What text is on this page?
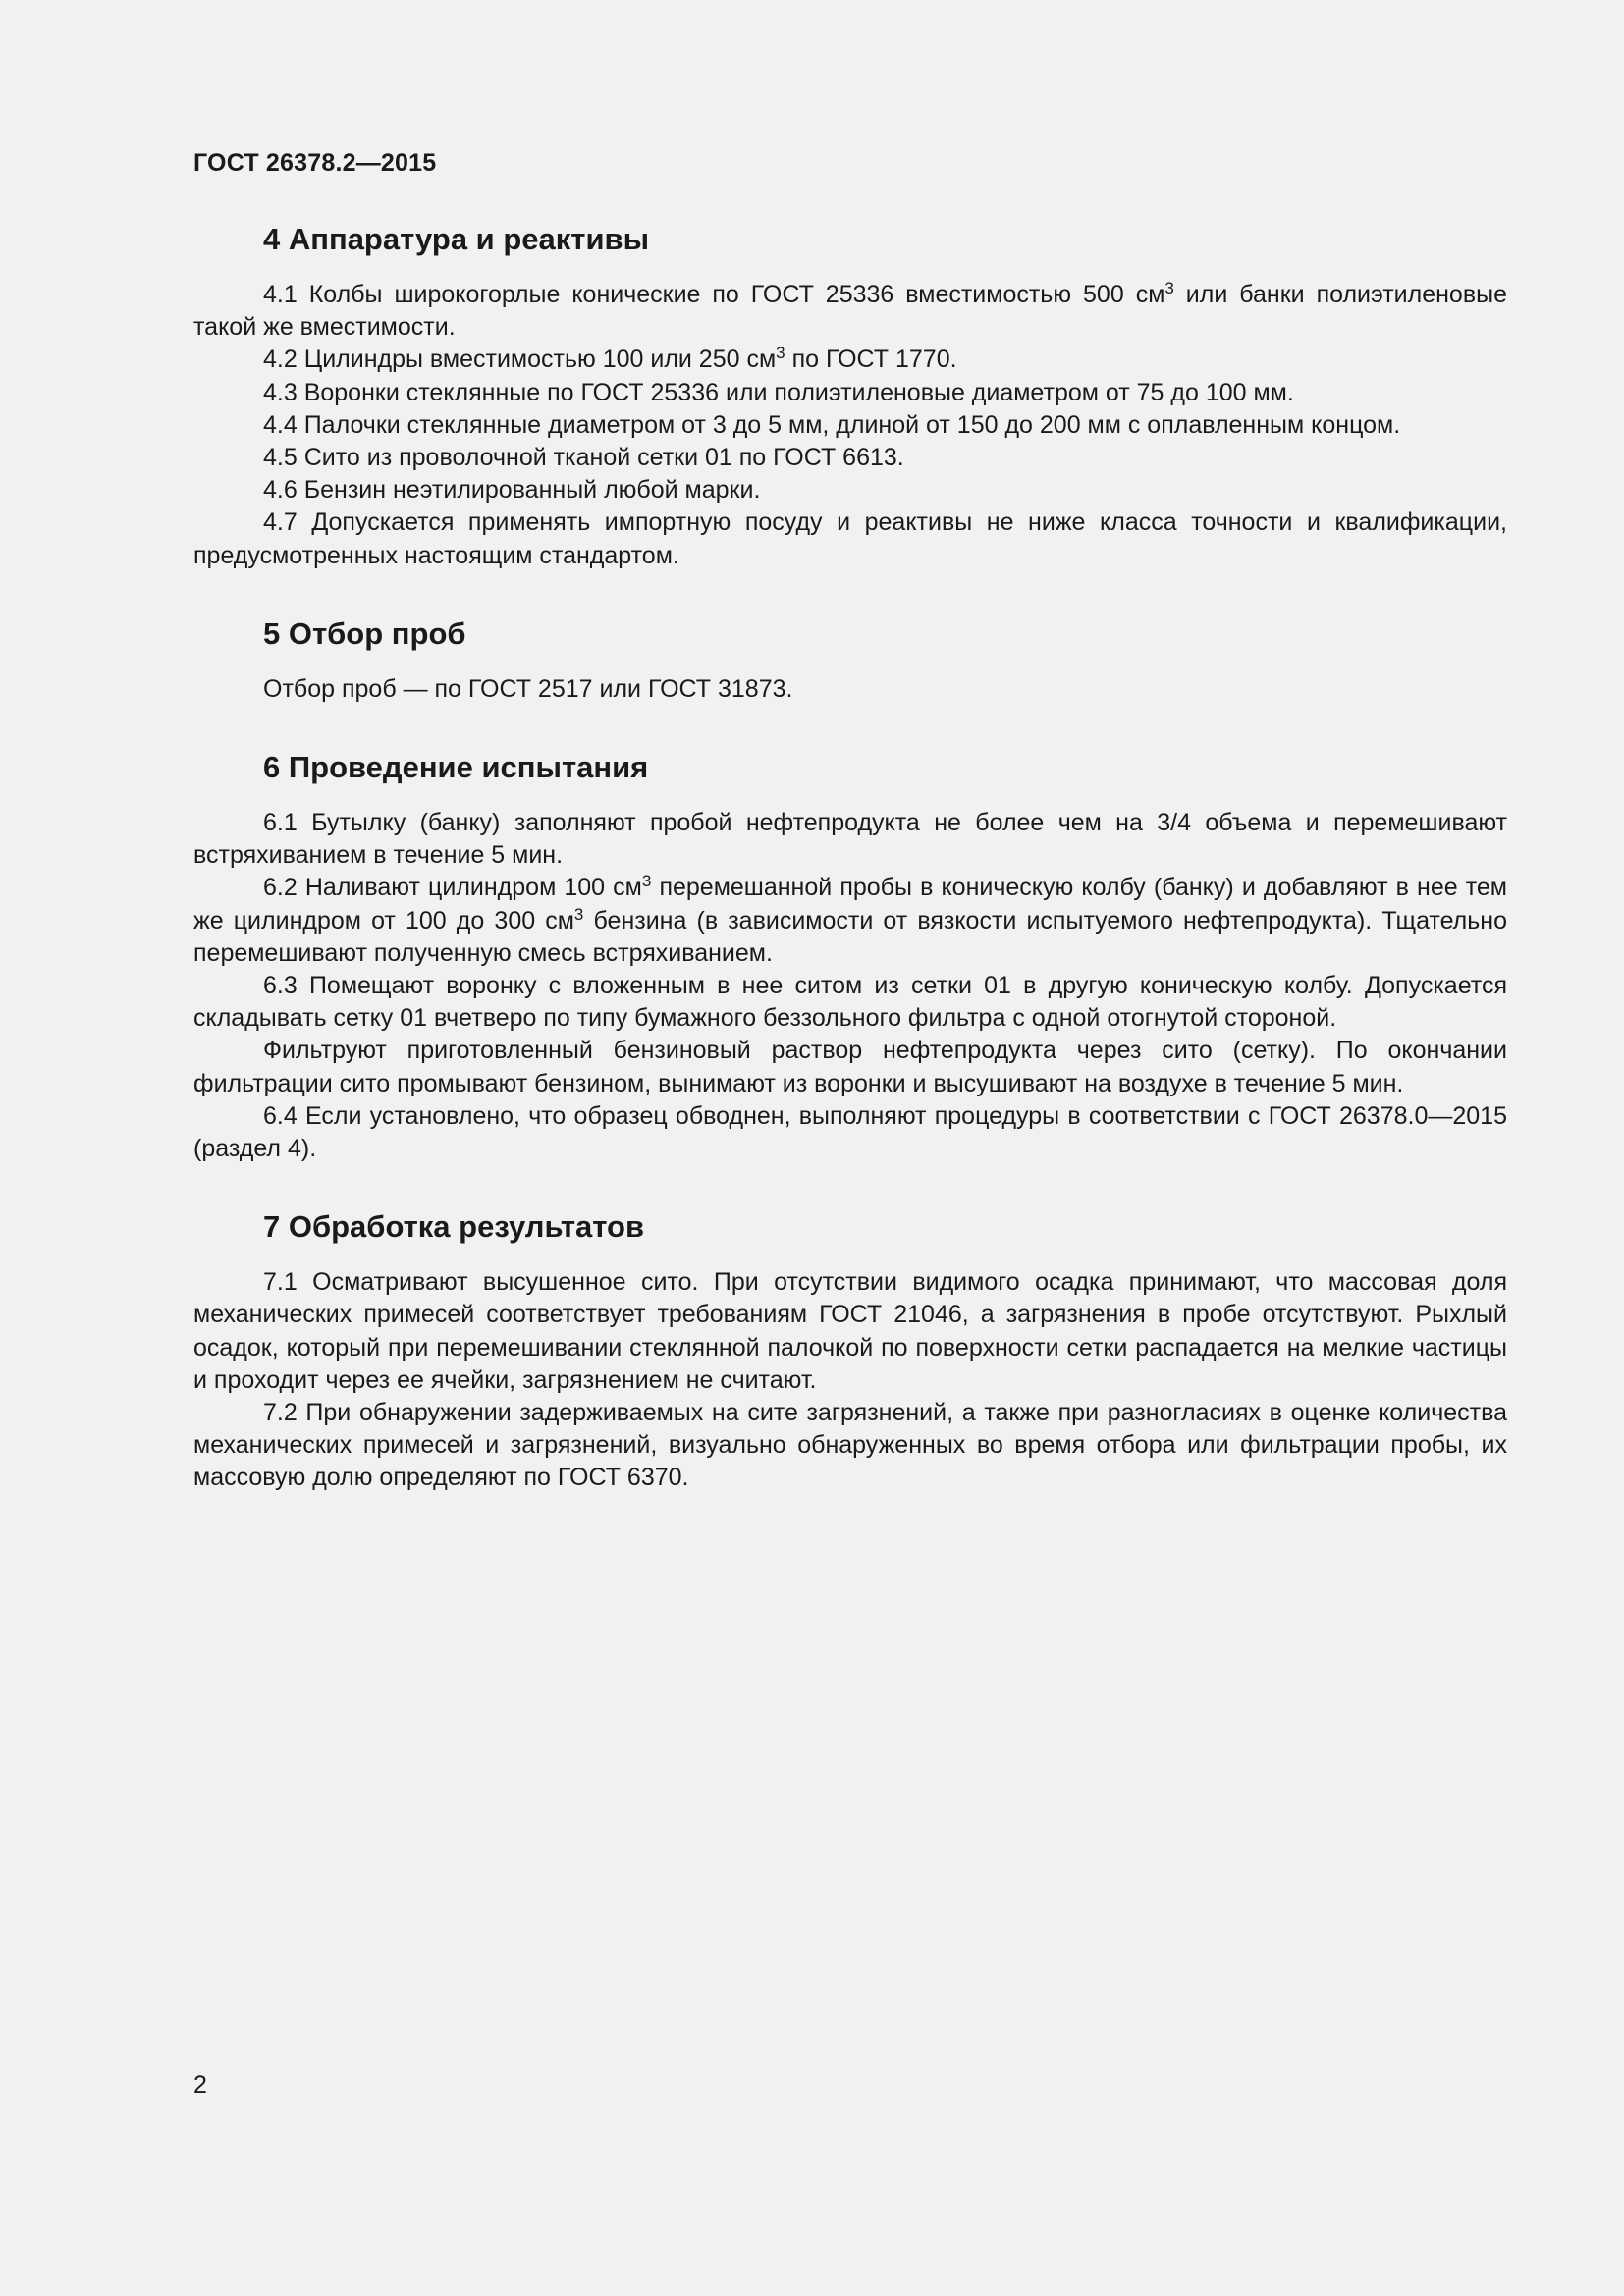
ГОСТ 26378.2—2015
4 Аппаратура и реактивы

4.1 Колбы широкогорлые конические по ГОСТ 25336 вместимостью 500 $см^3$ или банки полиэтиленовые такой же вместимости.

4.2 Цилиндры вместимостью 100 или 250 $см^3$ по ГОСТ 1770.

4.3 Воронки стеклянные по ГОСТ 25336 или полиэтиленовые диаметром от 75 до 100 мм.

4.4 Палочки стеклянные диаметром от 3 до 5 мм, длиной от 150 до 200 мм с оплавленным концом.

4.5 Сито из проволочной тканой сетки 01 по ГОСТ 6613.

4.6 Бензин неэтилированный любой марки.

4.7 Допускается применять импортную посуду и реактивы не ниже класса точности и квалификации, предусмотренных настоящим стандартом.

5 Отбор проб

Отбор проб — по ГОСТ 2517 или ГОСТ 31873.

6 Проведение испытания

6.1 Бутылку (банку) заполняют пробой нефтепродукта не более чем на 3/4 объема и перемешивают встряхиванием в течение 5 мин.

6.2 Наливают цилиндром 100 $см^3$ перемешанной пробы в коническую колбу (банку) и добавляют в нее тем же цилиндром от 100 до 300 $см^3$ бензина (в зависимости от вязкости испытуемого нефтепродукта). Тщательно перемешивают полученную смесь встряхиванием.

6.3 Помещают воронку с вложенным в нее ситом из сетки 01 в другую коническую колбу. Допускается складывать сетку 01 вчетверо по типу бумажного беззольного фильтра с одной отогнутой стороной.

Фильтруют приготовленный бензиновый раствор нефтепродукта через сито (сетку). По окончании фильтрации сито промывают бензином, вынимают из воронки и высушивают на воздухе в течение 5 мин.

6.4 Если установлено, что образец обводнен, выполняют процедуры в соответствии с ГОСТ 26378.0—2015 (раздел 4).

7 Обработка результатов

7.1 Осматривают высушенное сито. При отсутствии видимого осадка принимают, что массовая доля механических примесей соответствует требованиям ГОСТ 21046, а загрязнения в пробе отсутствуют. Рыхлый осадок, который при перемешивании стеклянной палочкой по поверхности сетки распадается на мелкие частицы и проходит через ее ячейки, загрязнением не считают.

7.2 При обнаружении задерживаемых на сите загрязнений, а также при разногласиях в оценке количества механических примесей и загрязнений, визуально обнаруженных во время отбора или фильтрации пробы, их массовую долю определяют по ГОСТ 6370.

2
